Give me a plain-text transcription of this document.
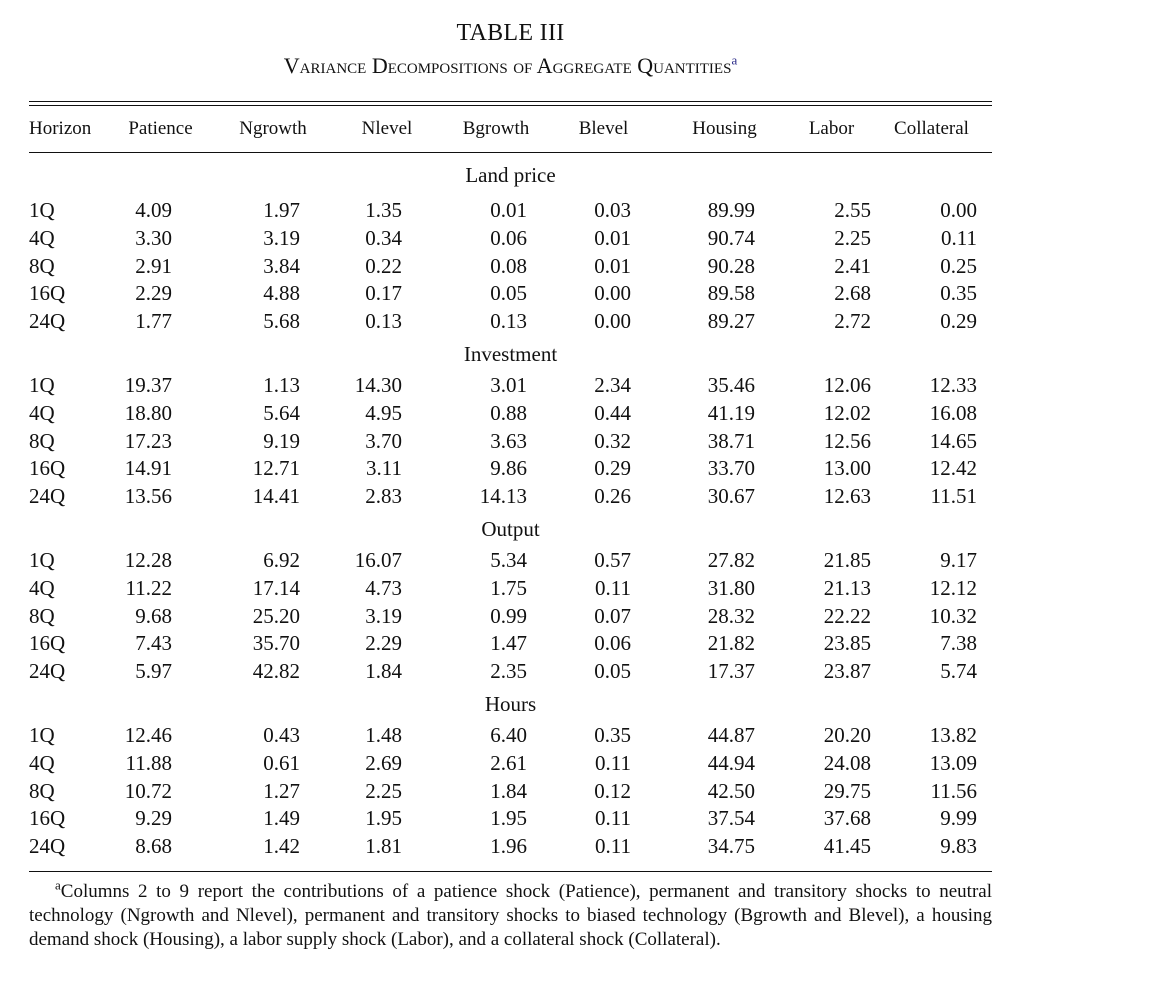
TABLE III
Variance Decompositions of Aggregate Quantities$^a$
Horizon	Patience	Ngrowth	Nlevel	Bgrowth	Blevel	Housing	Labor	Collateral

Land price								
1Q	4.09	1.97	1.35	0.01	0.03	89.99	2.55	0.00
4Q	3.30	3.19	0.34	0.06	0.01	90.74	2.25	0.11
8Q	2.91	3.84	0.22	0.08	0.01	90.28	2.41	0.25
16Q	2.29	4.88	0.17	0.05	0.00	89.58	2.68	0.35
24Q	1.77	5.68	0.13	0.13	0.00	89.27	2.72	0.29
Investment								
1Q	19.37	1.13	14.30	3.01	2.34	35.46	12.06	12.33
4Q	18.80	5.64	4.95	0.88	0.44	41.19	12.02	16.08
8Q	17.23	9.19	3.70	3.63	0.32	38.71	12.56	14.65
16Q	14.91	12.71	3.11	9.86	0.29	33.70	13.00	12.42
24Q	13.56	14.41	2.83	14.13	0.26	30.67	12.63	11.51
Output								
1Q	12.28	6.92	16.07	5.34	0.57	27.82	21.85	9.17
4Q	11.22	17.14	4.73	1.75	0.11	31.80	21.13	12.12
8Q	9.68	25.20	3.19	0.99	0.07	28.32	22.22	10.32
16Q	7.43	35.70	2.29	1.47	0.06	21.82	23.85	7.38
24Q	5.97	42.82	1.84	2.35	0.05	17.37	23.87	5.74
Hours								
1Q	12.46	0.43	1.48	6.40	0.35	44.87	20.20	13.82
4Q	11.88	0.61	2.69	2.61	0.11	44.94	24.08	13.09
8Q	10.72	1.27	2.25	1.84	0.12	42.50	29.75	11.56
16Q	9.29	1.49	1.95	1.95	0.11	37.54	37.68	9.99
24Q	8.68	1.42	1.81	1.96	0.11	34.75	41.45	9.83

$^a$Columns 2 to 9 report the contributions of a patience shock (Patience), permanent and transitory shocks to neutral technology (Ngrowth and Nlevel), permanent and transitory shocks to biased technology (Bgrowth and Blevel), a housing demand shock (Housing), a labor supply shock (Labor), and a collateral shock (Collateral).
